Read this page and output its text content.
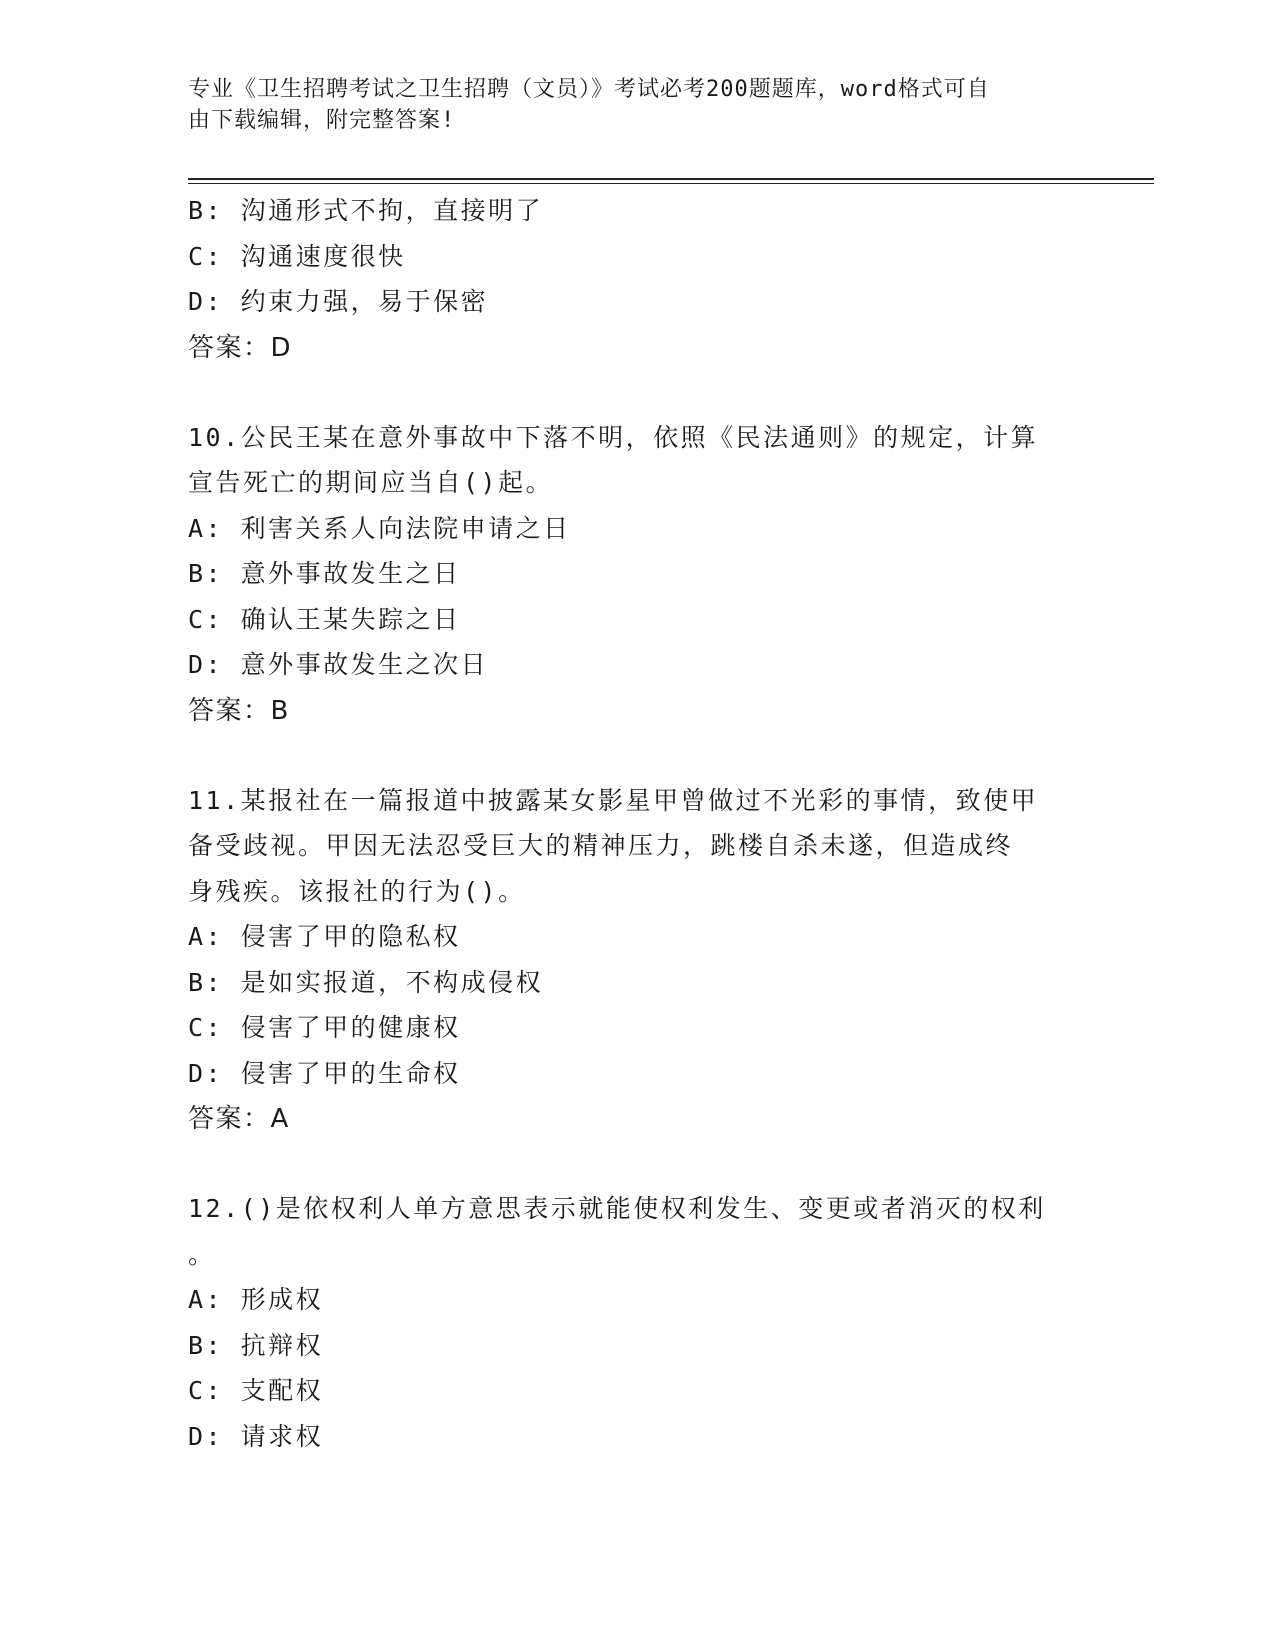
专业《卫生招聘考试之卫生招聘（文员）》考试必考200题题库，word格式可自
由下载编辑，附完整答案!
B: 沟通形式不拘，直接明了
C: 沟通速度很快
D: 约束力强，易于保密
答案：D
10.公民王某在意外事故中下落不明，依照《民法通则》的规定，计算
宣告死亡的期间应当自()起。
A: 利害关系人向法院申请之日
B: 意外事故发生之日
C: 确认王某失踪之日
D: 意外事故发生之次日
答案：B
11.某报社在一篇报道中披露某女影星甲曾做过不光彩的事情，致使甲
备受歧视。甲因无法忍受巨大的精神压力，跳楼自杀未遂，但造成终
身残疾。该报社的行为()。
A: 侵害了甲的隐私权
B: 是如实报道，不构成侵权
C: 侵害了甲的健康权
D: 侵害了甲的生命权
答案：A
12.()是依权利人单方意思表示就能使权利发生、变更或者消灭的权利
。
A: 形成权
B: 抗辩权
C: 支配权
D: 请求权
